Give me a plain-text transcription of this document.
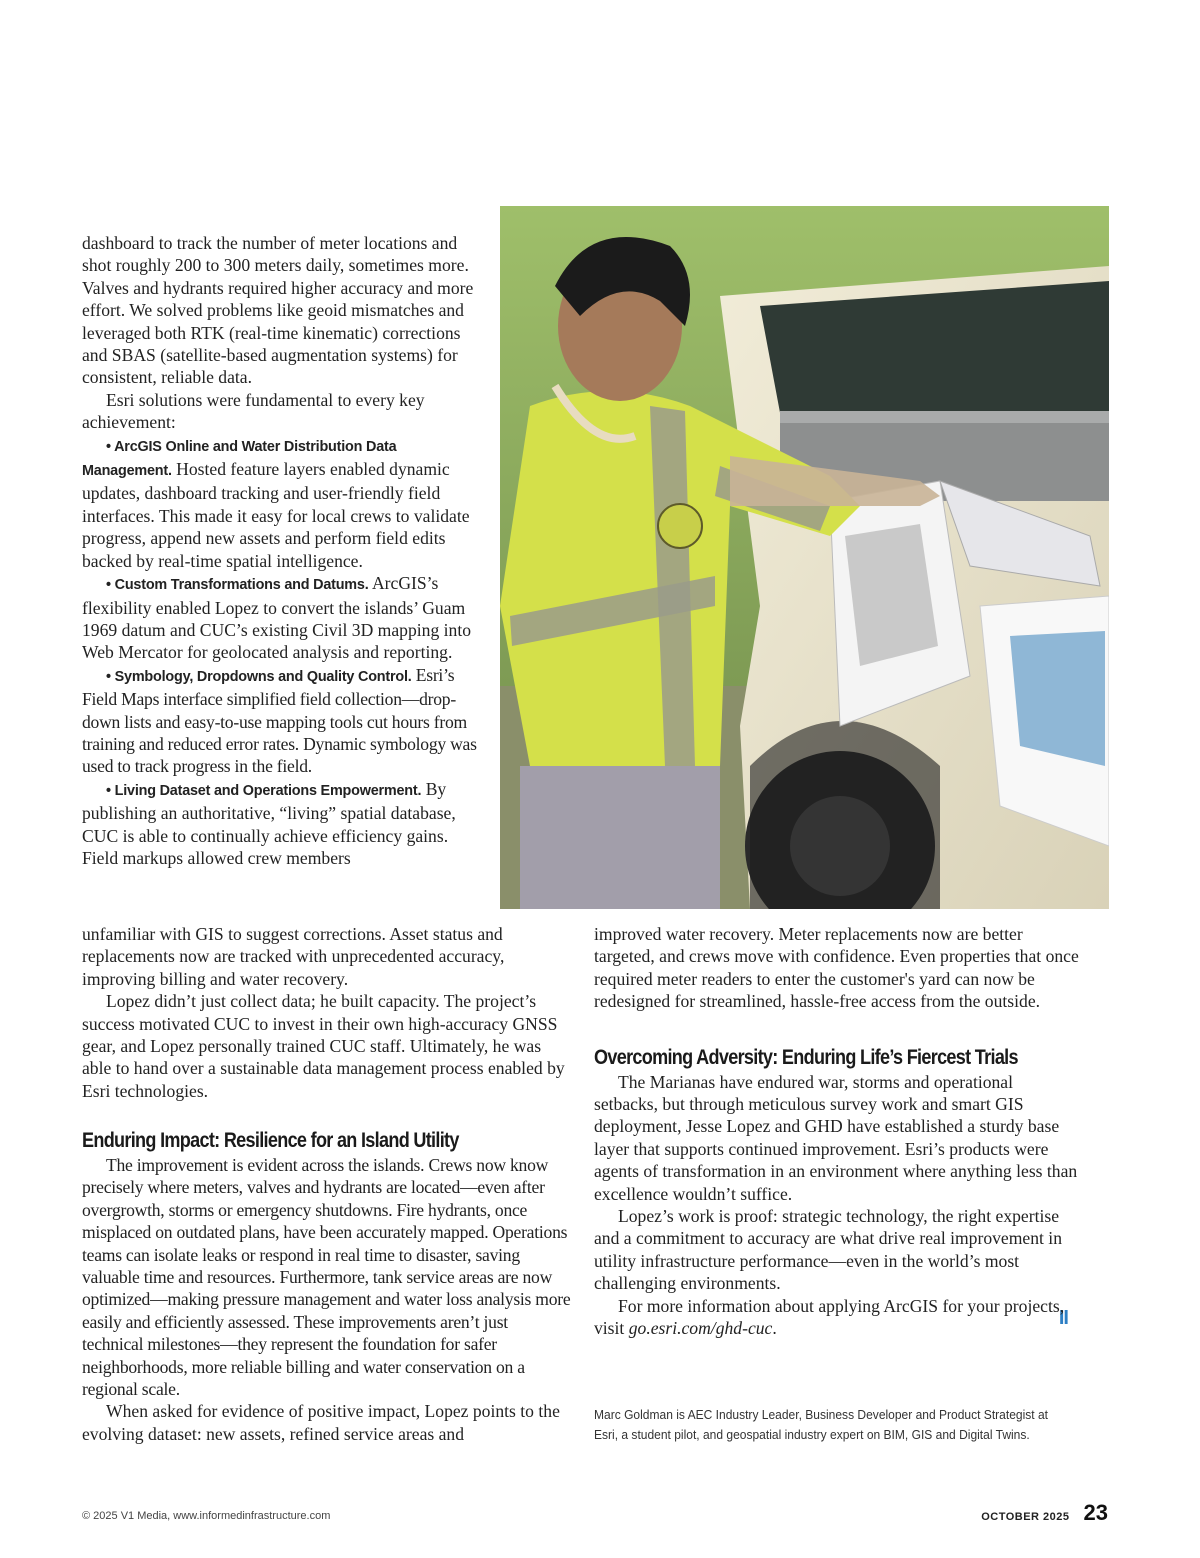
dashboard to track the number of meter locations and shot roughly 200 to 300 meters daily, sometimes more. Valves and hydrants required higher accuracy and more effort. We solved problems like geoid mismatches and leveraged both RTK (real-time kinematic) corrections and SBAS (satellite-based augmentation systems) for consistent, reliable data.

Esri solutions were fundamental to every key achievement:

• ArcGIS Online and Water Distribution Data Management. Hosted feature layers enabled dynamic updates, dashboard tracking and user-friendly field interfaces. This made it easy for local crews to validate progress, append new assets and perform field edits backed by real-time spatial intelligence.

• Custom Transformations and Datums. ArcGIS’s flexibility enabled Lopez to convert the islands’ Guam 1969 datum and CUC’s existing Civil 3D mapping into Web Mercator for geolocated analysis and reporting.

• Symbology, Dropdowns and Quality Control. Esri’s Field Maps interface simplified field collection—drop-down lists and easy-to-use mapping tools cut hours from training and reduced error rates. Dynamic symbology was used to track progress in the field.

• Living Dataset and Operations Empowerment. By publishing an authoritative, “living” spatial database, CUC is able to continually achieve efficiency gains. Field markups allowed crew members

unfamiliar with GIS to suggest corrections. Asset status and replacements now are tracked with unprecedented accuracy, improving billing and water recovery.

Lopez didn’t just collect data; he built capacity. The project’s success motivated CUC to invest in their own high-accuracy GNSS gear, and Lopez personally trained CUC staff. Ultimately, he was able to hand over a sustainable data management process enabled by Esri technologies.

Enduring Impact: Resilience for an Island Utility

The improvement is evident across the islands. Crews now know precisely where meters, valves and hydrants are located—even after overgrowth, storms or emergency shutdowns. Fire hydrants, once misplaced on outdated plans, have been accurately mapped. Operations teams can isolate leaks or respond in real time to disaster, saving valuable time and resources. Furthermore, tank service areas are now optimized—making pressure management and water loss analysis more easily and efficiently assessed. These improvements aren’t just technical milestones—they represent the foundation for safer neighborhoods, more reliable billing and water conservation on a regional scale.

When asked for evidence of positive impact, Lopez points to the evolving dataset: new assets, refined service areas and

improved water recovery. Meter replacements now are better targeted, and crews move with confidence. Even properties that once required meter readers to enter the customer's yard can now be redesigned for streamlined, hassle-free access from the outside.

Overcoming Adversity: Enduring Life’s Fiercest Trials

The Marianas have endured war, storms and operational setbacks, but through meticulous survey work and smart GIS deployment, Jesse Lopez and GHD have established a sturdy base layer that supports continued improvement. Esri’s products were agents of transformation in an environment where anything less than excellence wouldn’t suffice.

Lopez’s work is proof: strategic technology, the right expertise and a commitment to accuracy are what drive real improvement in utility infrastructure performance—even in the world’s most challenging environments.

For more information about applying ArcGIS for your projects, visit go.esri.com/ghd-cuc.	II

Marc Goldman is AEC Industry Leader, Business Developer and Product Strategist at Esri, a student pilot, and geospatial industry expert on BIM, GIS and Digital Twins.
© 2025 V1 Media, www.informedinfrastructure.com	OCTOBER 2025 23
